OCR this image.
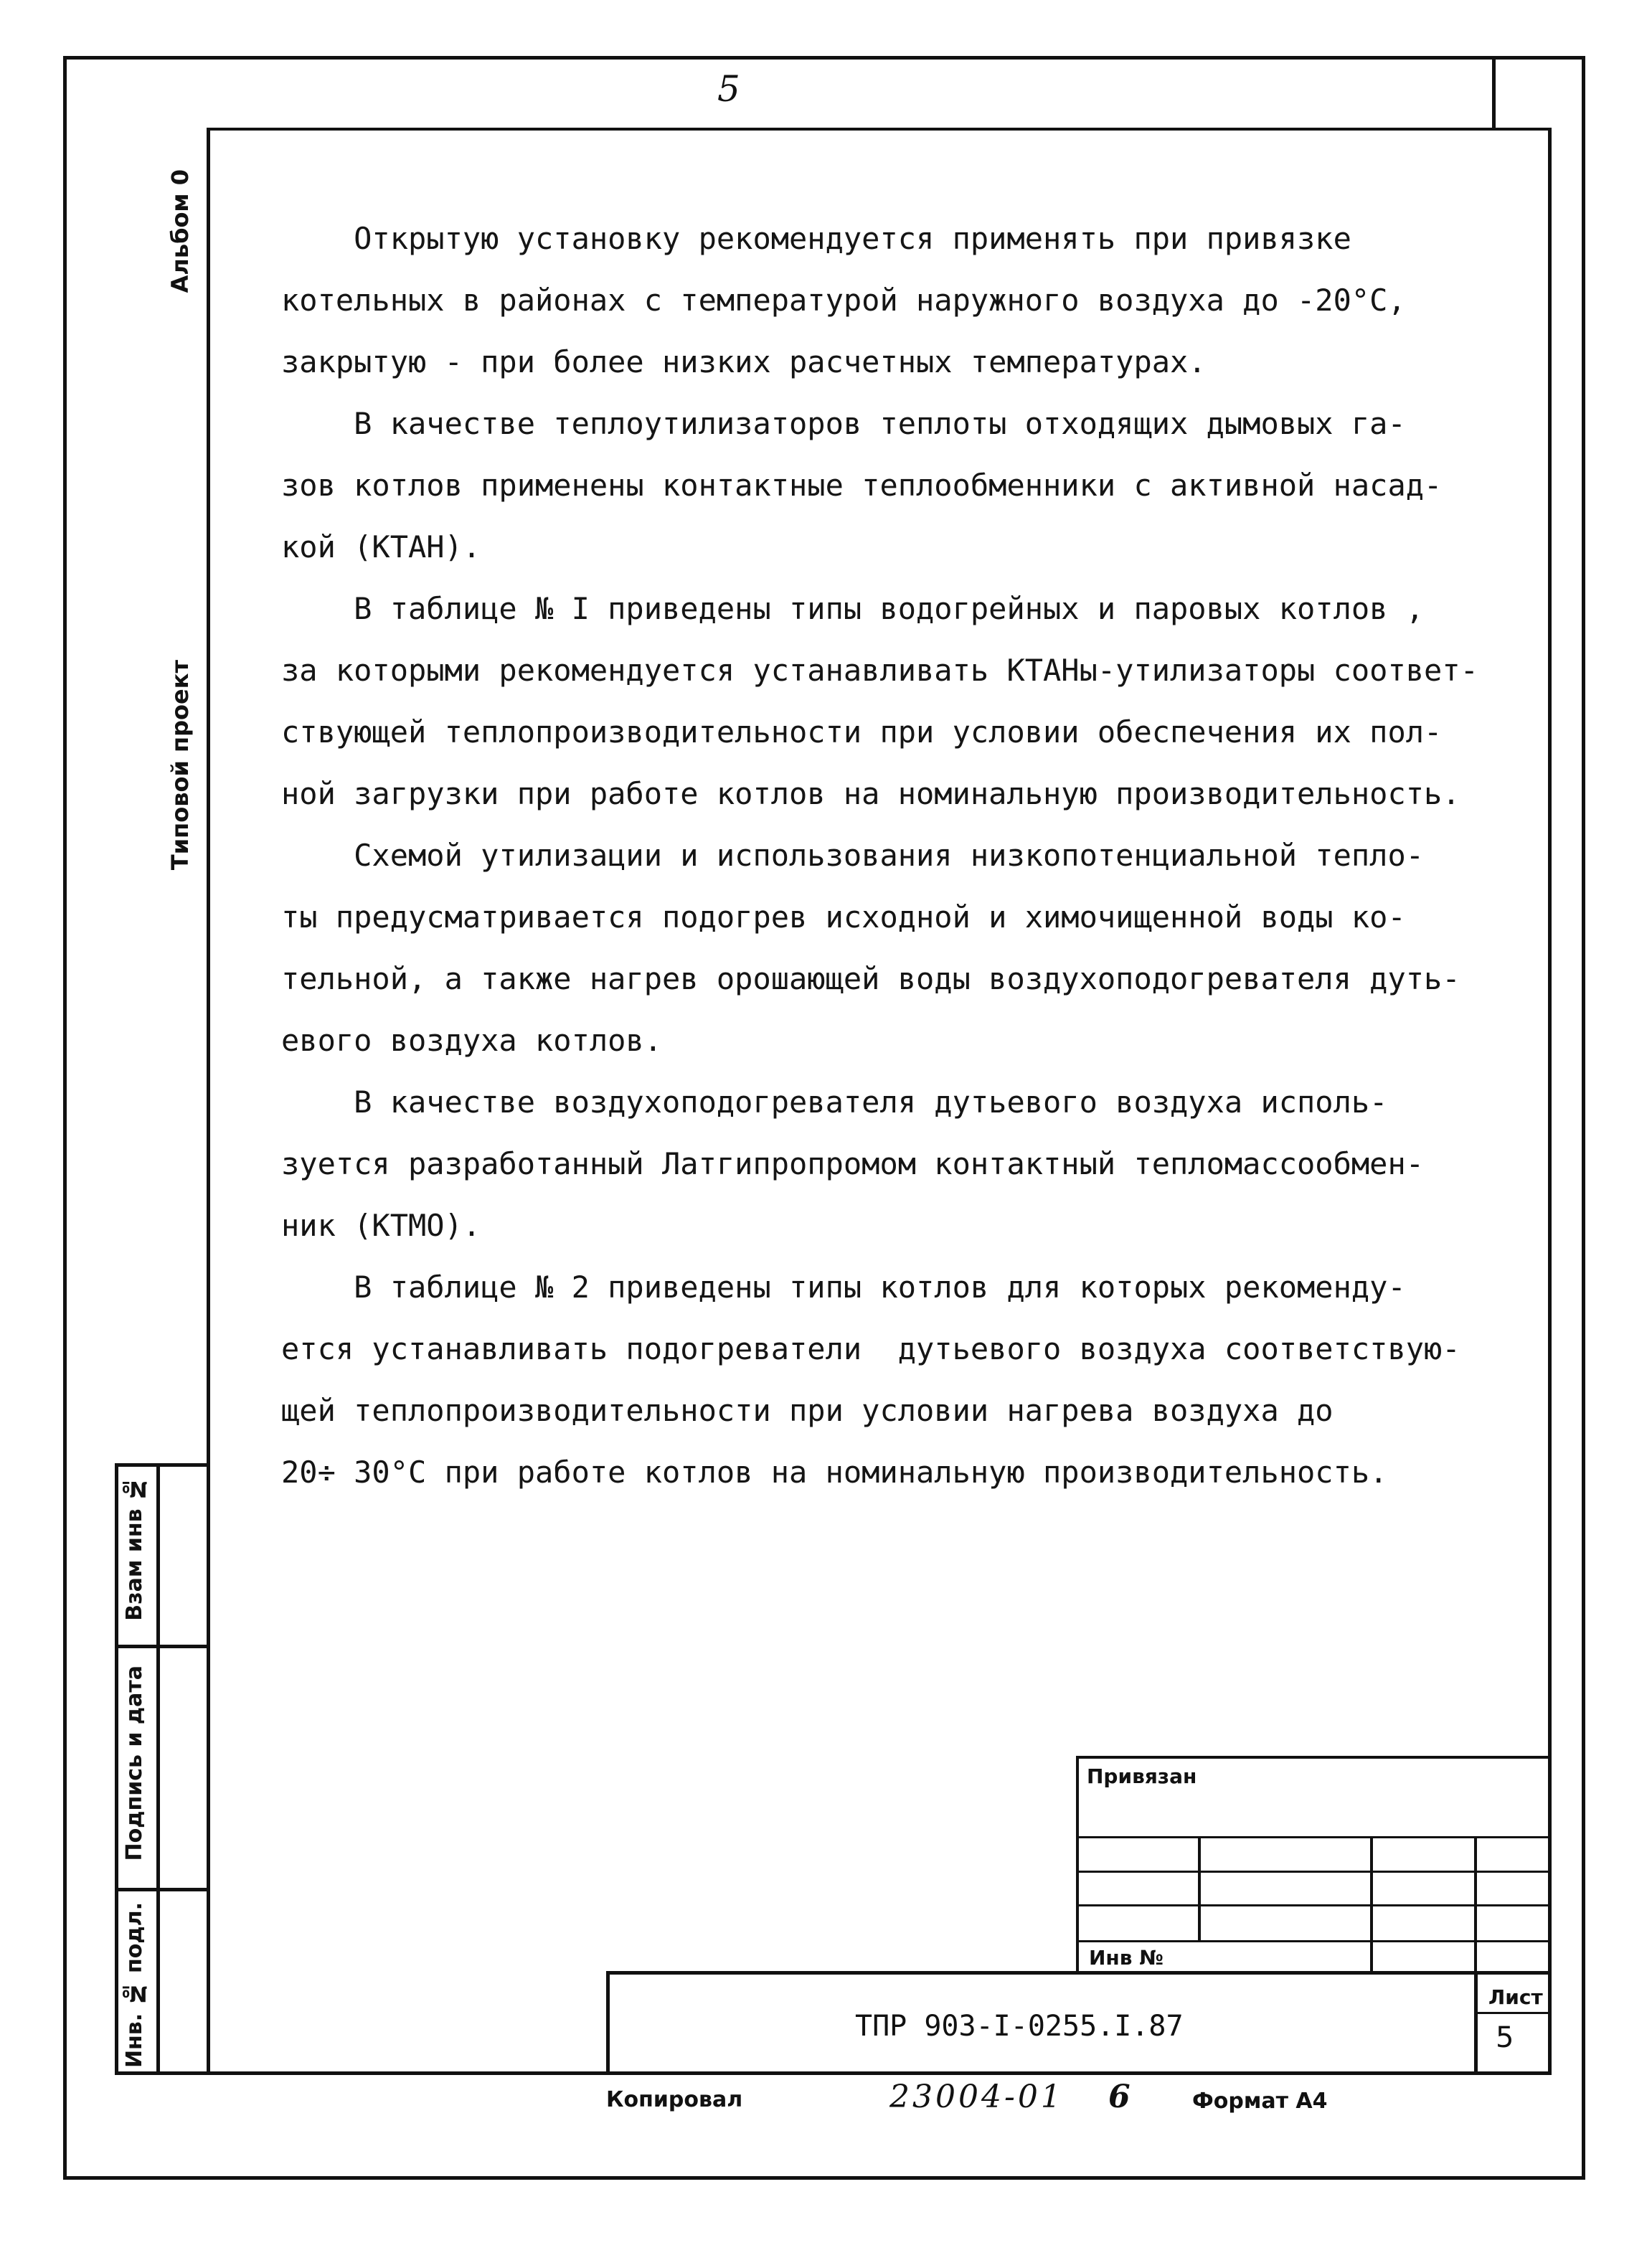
5
Альбом 0
Типовой проект
Взам инв №
Подпись и дата
Инв. № подл.
Открытую установку рекомендуется применять при привязке
котельных в районах с температурой наружного воздуха до -20°С,
закрытую - при более низких расчетных температурах.
В качестве теплоутилизаторов теплоты отходящих дымовых га-
зов котлов применены контактные теплообменники с активной насад-
кой (КТАН).
В таблице № I приведены типы водогрейных и паровых котлов ,
за которыми рекомендуется устанавливать КТАНы-утилизаторы соответ-
ствующей теплопроизводительности при условии обеспечения их пол-
ной загрузки при работе котлов на номинальную производительность.
Схемой утилизации и использования низкопотенциальной тепло-
ты предусматривается подогрев исходной и химочищенной воды ко-
тельной, а также нагрев орошающей воды воздухоподогревателя дуть-
евого воздуха котлов.
В качестве воздухоподогревателя дутьевого воздуха исполь-
зуется разработанный Латгипропромом контактный тепломассообмен-
ник (КТМО).
В таблице № 2 приведены типы котлов для которых рекоменду-
ется устанавливать подогреватели  дутьевого воздуха соответствую-
щей теплопроизводительности при условии нагрева воздуха до
20÷ 30°С при работе котлов на номинальную производительность.
Привязан
Инв №
ТПР 903-I-0255.I.87
Лист
5
Копировал	23004-01 6	Формат А4
